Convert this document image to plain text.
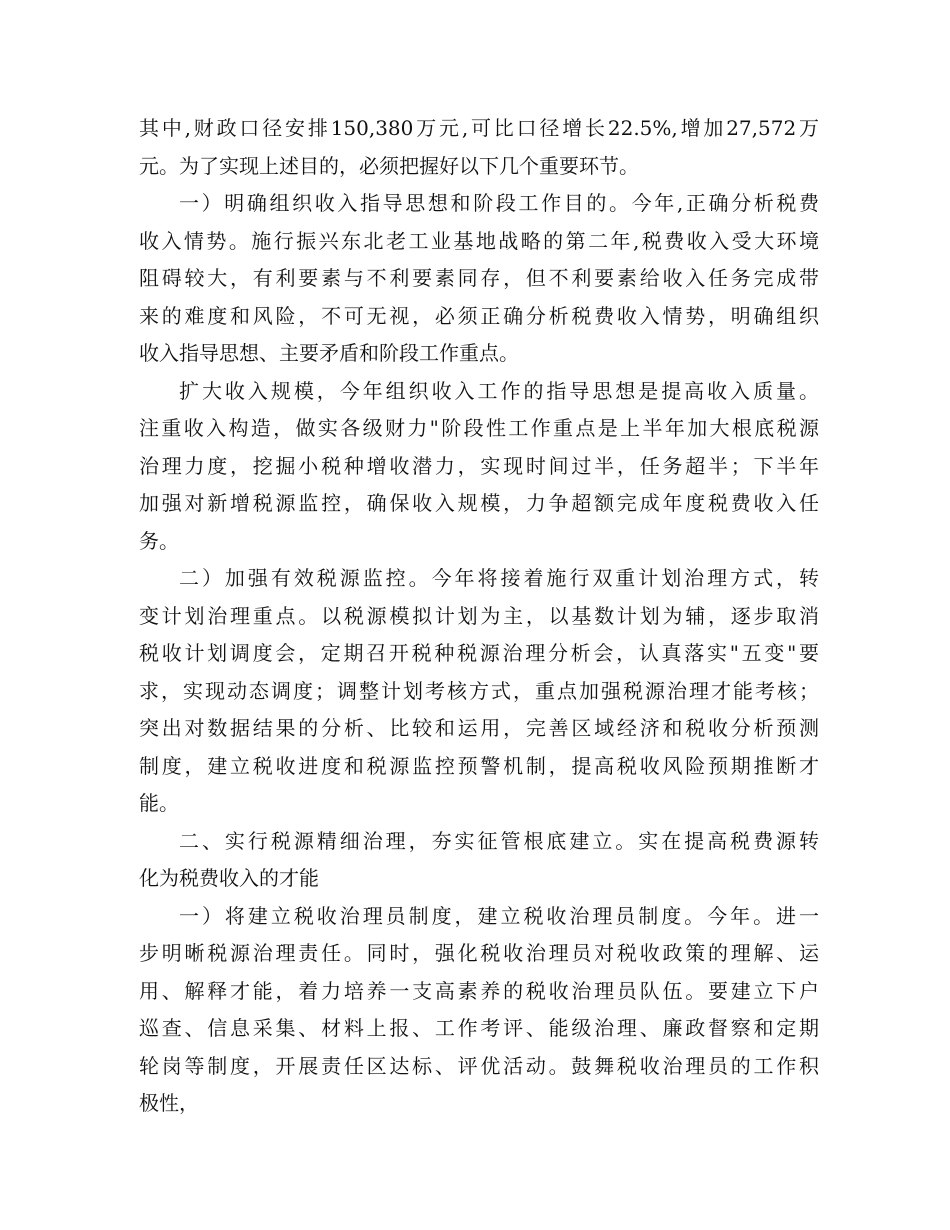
其中,财政口径安排150,380万元,可比口径增长22.5%,增加27,572万
元。为了实现上述目的，必须把握好以下几个重要环节。
一）明确组织收入指导思想和阶段工作目的。今年,正确分析税费
收入情势。施行振兴东北老工业基地战略的第二年,税费收入受大环境
阻碍较大，有利要素与不利要素同存，但不利要素给收入任务完成带
来的难度和风险，不可无视，必须正确分析税费收入情势，明确组织
收入指导思想、主要矛盾和阶段工作重点。
扩大收入规模，今年组织收入工作的指导思想是提高收入质量。
注重收入构造，做实各级财力"阶段性工作重点是上半年加大根底税源
治理力度，挖掘小税种增收潜力，实现时间过半，任务超半；下半年
加强对新增税源监控，确保收入规模，力争超额完成年度税费收入任
务。
二）加强有效税源监控。今年将接着施行双重计划治理方式，转
变计划治理重点。以税源模拟计划为主，以基数计划为辅，逐步取消
税收计划调度会，定期召开税种税源治理分析会，认真落实"五变"要
求，实现动态调度；调整计划考核方式，重点加强税源治理才能考核；
突出对数据结果的分析、比较和运用，完善区域经济和税收分析预测
制度，建立税收进度和税源监控预警机制，提高税收风险预期推断才
能。
二、实行税源精细治理，夯实征管根底建立。实在提高税费源转
化为税费收入的才能
一）将建立税收治理员制度，建立税收治理员制度。今年。进一
步明晰税源治理责任。同时，强化税收治理员对税收政策的理解、运
用、解释才能，着力培养一支高素养的税收治理员队伍。要建立下户
巡查、信息采集、材料上报、工作考评、能级治理、廉政督察和定期
轮岗等制度，开展责任区达标、评优活动。鼓舞税收治理员的工作积
极性，
